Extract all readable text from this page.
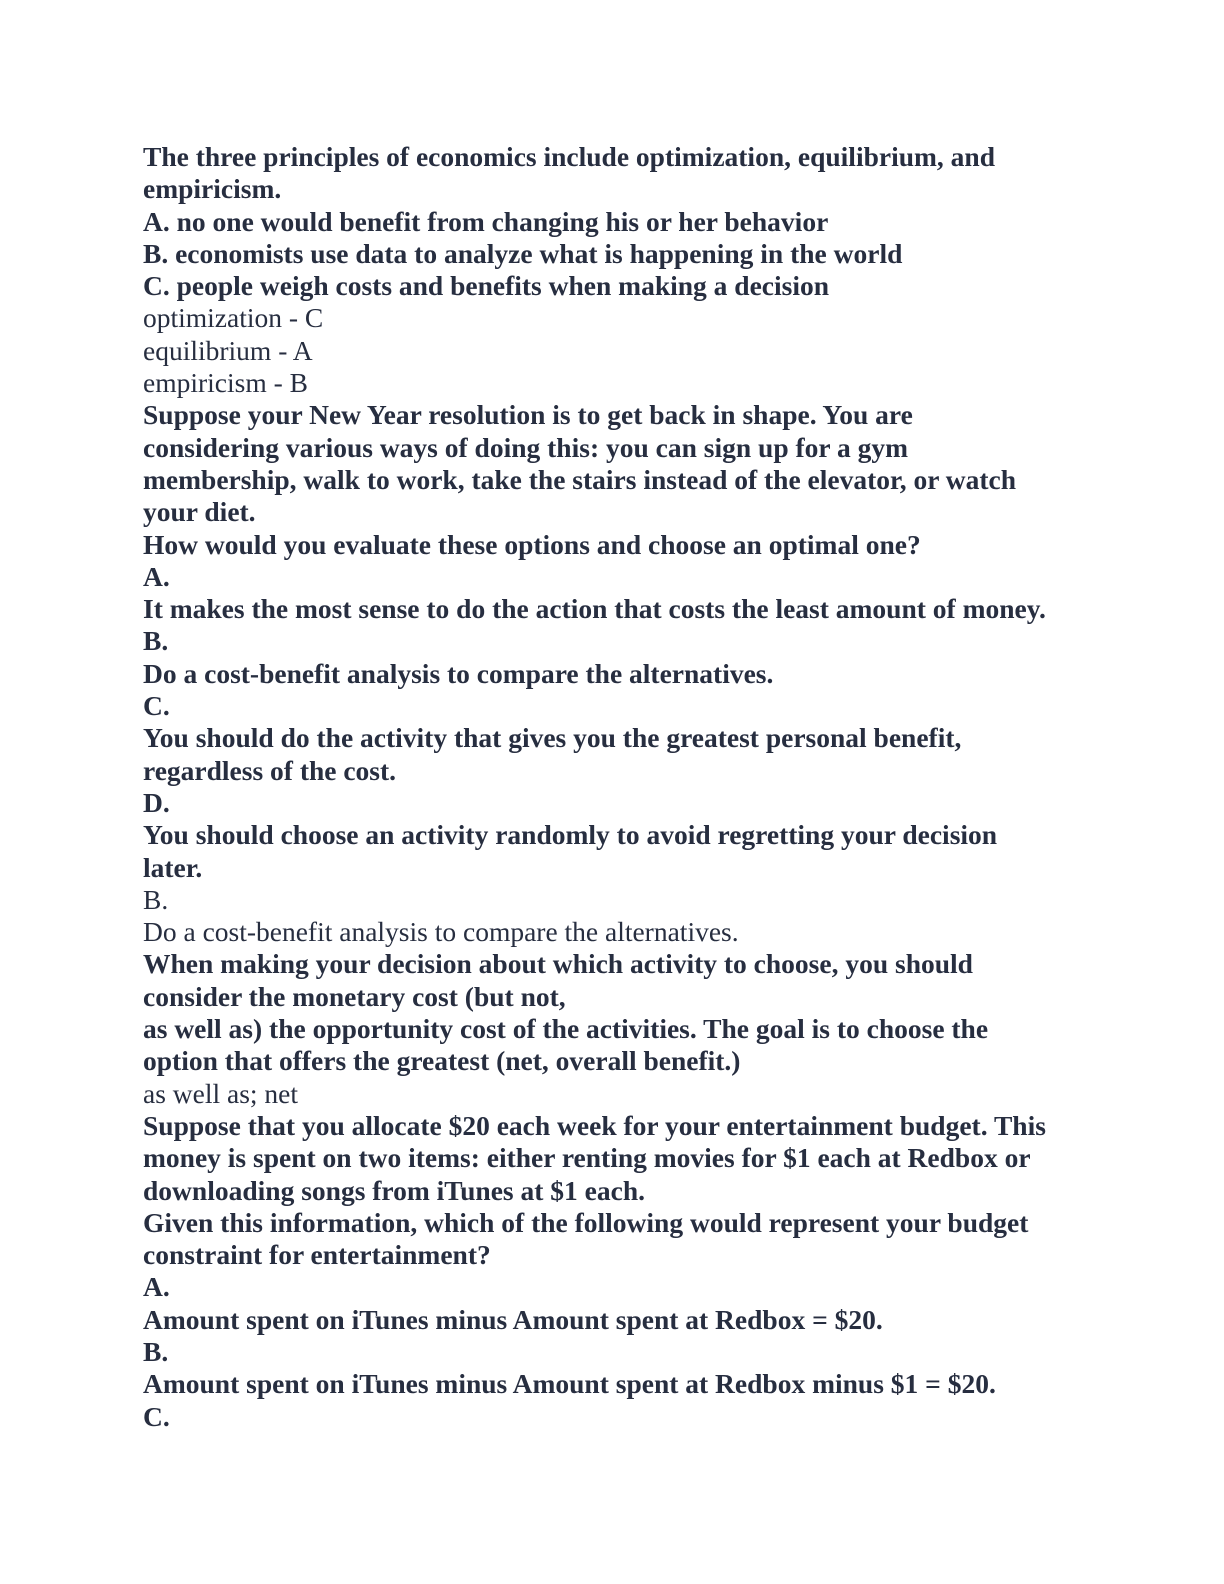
The three principles of economics include optimization, equilibrium, and

empiricism.

A. no one would benefit from changing his or her behavior

B. economists use data to analyze what is happening in the world

C. people weigh costs and benefits when making a decision

optimization - C

equilibrium - A

empiricism - B

Suppose your New Year resolution is to get back in shape. You are

considering various ways of doing this: you can sign up for a gym

membership, walk to work, take the stairs instead of the elevator, or watch

your diet.

How would you evaluate these options and choose an optimal one?

A.

It makes the most sense to do the action that costs the least amount of money.

B.

Do a cost-benefit analysis to compare the alternatives.

C.

You should do the activity that gives you the greatest personal benefit,

regardless of the cost.

D.

You should choose an activity randomly to avoid regretting your decision

later.

B.

Do a cost-benefit analysis to compare the alternatives.

When making your decision about which activity to choose, you should

consider the monetary cost (but not,

as well as) the opportunity cost of the activities. The goal is to choose the

option that offers the greatest (net, overall benefit.)

as well as; net

Suppose that you allocate $20 each week for your entertainment budget. This

money is spent on two items: either renting movies for $1 each at Redbox or

downloading songs from iTunes at $1 each.

Given this information, which of the following would represent your budget

constraint for entertainment?

A.

Amount spent on iTunes minus Amount spent at Redbox = $20.

B.

Amount spent on iTunes minus Amount spent at Redbox minus $1 = $20.

C.
